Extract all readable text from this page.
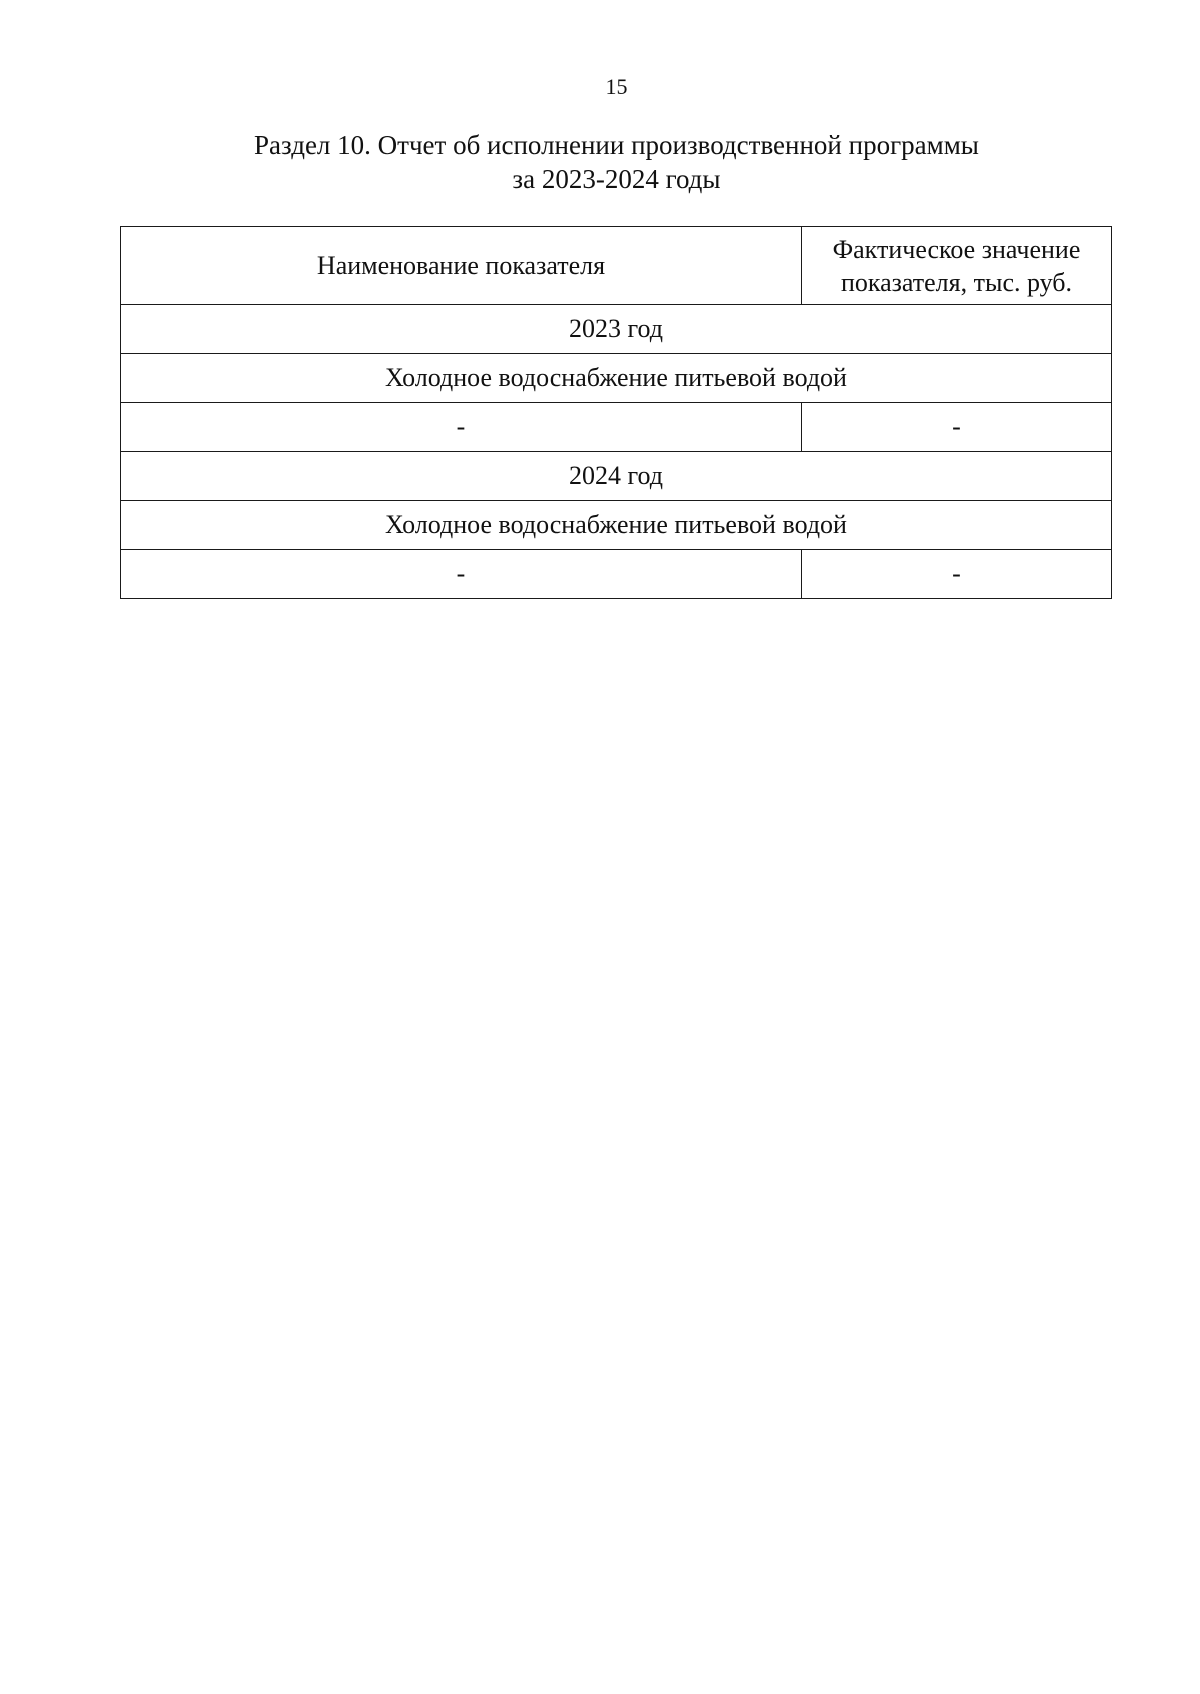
15
Раздел 10. Отчет об исполнении производственной программы
за 2023-2024 годы
Наименование показателя	Фактическое значение
показателя, тыс. руб.

2023 год	
Холодное водоснабжение питьевой водой	
-	-
2024 год	
Холодное водоснабжение питьевой водой	
-	-
